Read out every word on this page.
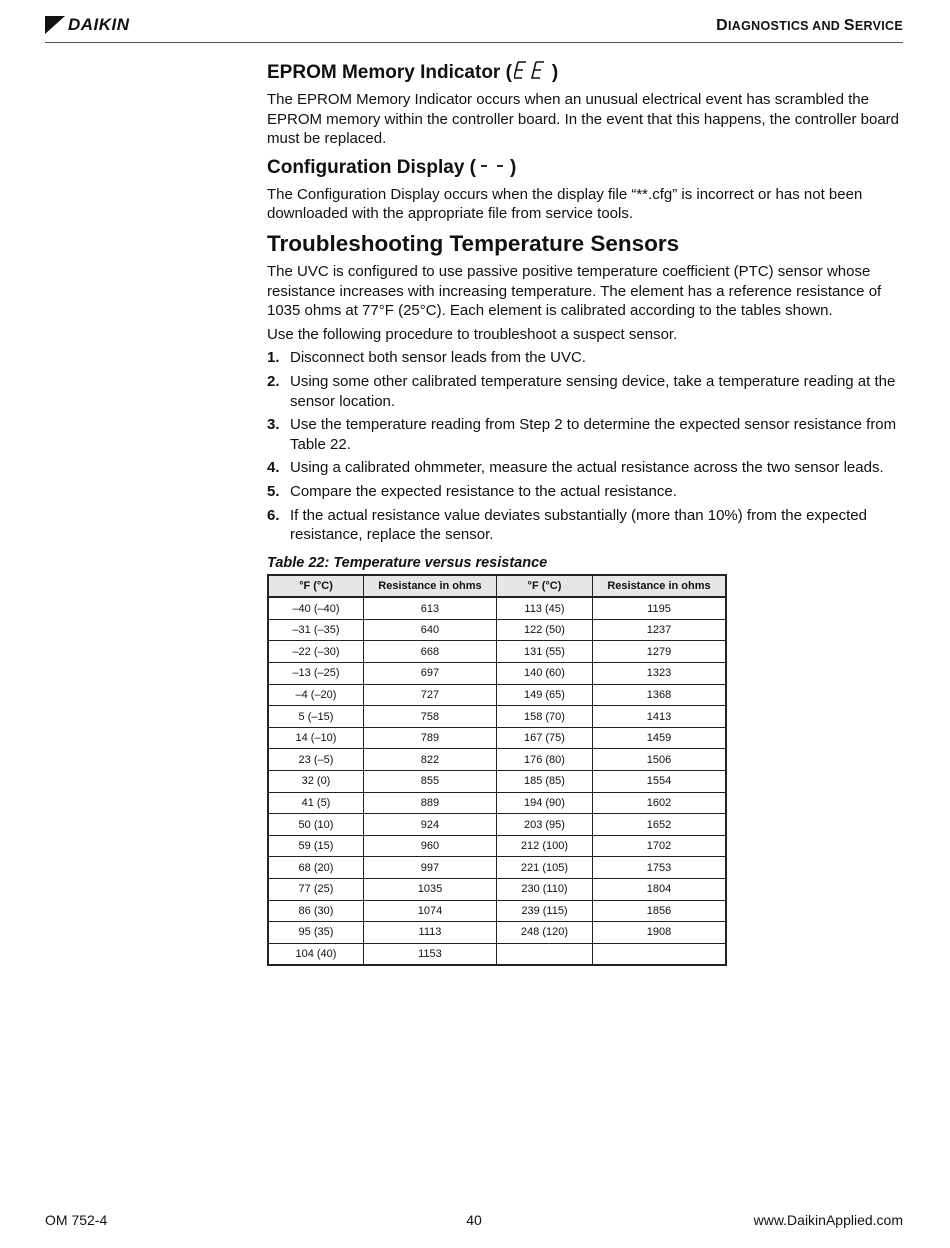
DAIKIN	DIAGNOSTICS AND SERVICE
EPROM Memory Indicator ( )

The EPROM Memory Indicator occurs when an unusual electrical event has scrambled the EPROM memory within the controller board. In the event that this happens, the controller board must be replaced.

Configuration Display ( )

The Configuration Display occurs when the display file “**.cfg” is incorrect or has not been downloaded with the appropriate file from service tools.

Troubleshooting Temperature Sensors

The UVC is configured to use passive positive temperature coefficient (PTC) sensor whose resistance increases with increasing temperature. The element has a reference resistance of 1035 ohms at 77°F (25°C). Each element is calibrated according to the tables shown.

Use the following procedure to troubleshoot a suspect sensor.

1. Disconnect both sensor leads from the UVC.
2. Using some other calibrated temperature sensing device, take a temperature reading at the sensor location.
3. Use the temperature reading from Step 2 to determine the expected sensor resistance from Table 22.
4. Using a calibrated ohmmeter, measure the actual resistance across the two sensor leads.
5. Compare the expected resistance to the actual resistance.
6. If the actual resistance value deviates substantially (more than 10%) from the expected resistance, replace the sensor.
Table 22: Temperature versus resistance
°F (°C)	Resistance in ohms	°F (°C)	Resistance in ohms
–40 (–40)	613	113 (45)	1195
–31 (–35)	640	122 (50)	1237
–22 (–30)	668	131 (55)	1279
–13 (–25)	697	140 (60)	1323
–4 (–20)	727	149 (65)	1368
5 (–15)	758	158 (70)	1413
14 (–10)	789	167 (75)	1459
23 (–5)	822	176 (80)	1506
32 (0)	855	185 (85)	1554
41 (5)	889	194 (90)	1602
50 (10)	924	203 (95)	1652
59 (15)	960	212 (100)	1702
68 (20)	997	221 (105)	1753
77 (25)	1035	230 (110)	1804
86 (30)	1074	239 (115)	1856
95 (35)	1113	248 (120)	1908
104 (40)	1153		
OM 752-4	40	www.DaikinApplied.com
